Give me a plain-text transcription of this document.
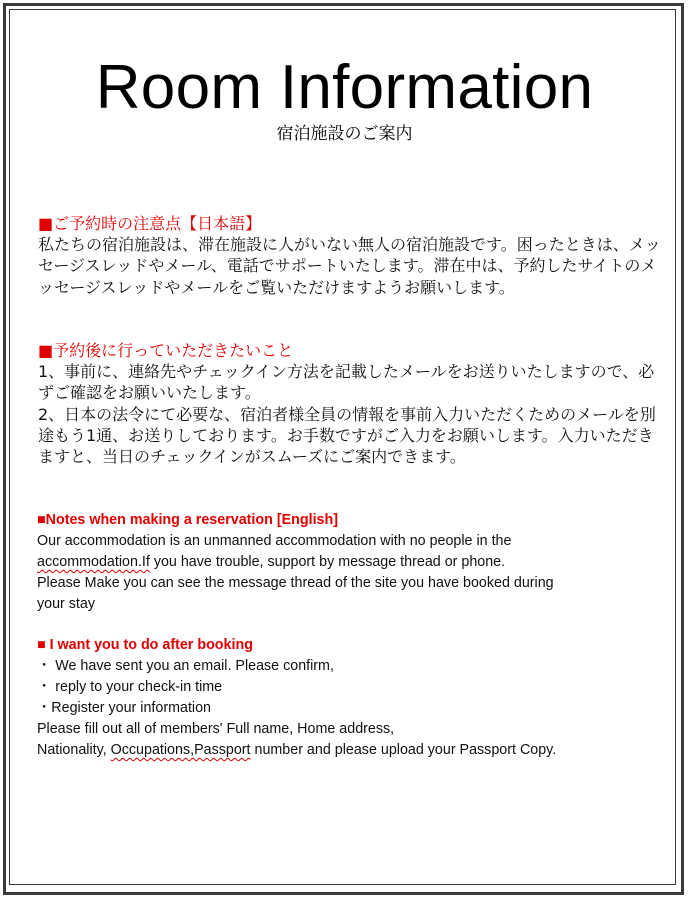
Room Information
宿泊施設のご案内

■ご予約時の注意点【日本語】

私たちの宿泊施設は、滞在施設に人がいない無人の宿泊施設です。困ったときは、メッセージスレッドやメール、電話でサポートいたします。滞在中は、予約したサイトのメッセージスレッドやメールをご覧いただけますようお願いします。

■予約後に行っていただきたいこと

1、事前に、連絡先やチェックイン方法を記載したメールをお送りいたしますので、必ずご確認をお願いいたします。

2、日本の法令にて必要な、宿泊者様全員の情報を事前入力いただくためのメールを別途もう1通、お送りしております。お手数ですがご入力をお願いします。入力いただきますと、当日のチェックインがスムーズにご案内できます。

■Notes when making a reservation [English]

Our accommodation is an unmanned accommodation with no people in the

accommodation.If you have trouble, support by message thread or phone.

Please Make you can see the message thread of the site you have booked during

your stay

■ I want you to do after booking

・ We have sent you an email. Please confirm,

・ reply to your check-in time

・Register your information

Please fill out all of members' Full name, Home address,

Nationality, Occupations,Passport number and please upload your Passport Copy.
